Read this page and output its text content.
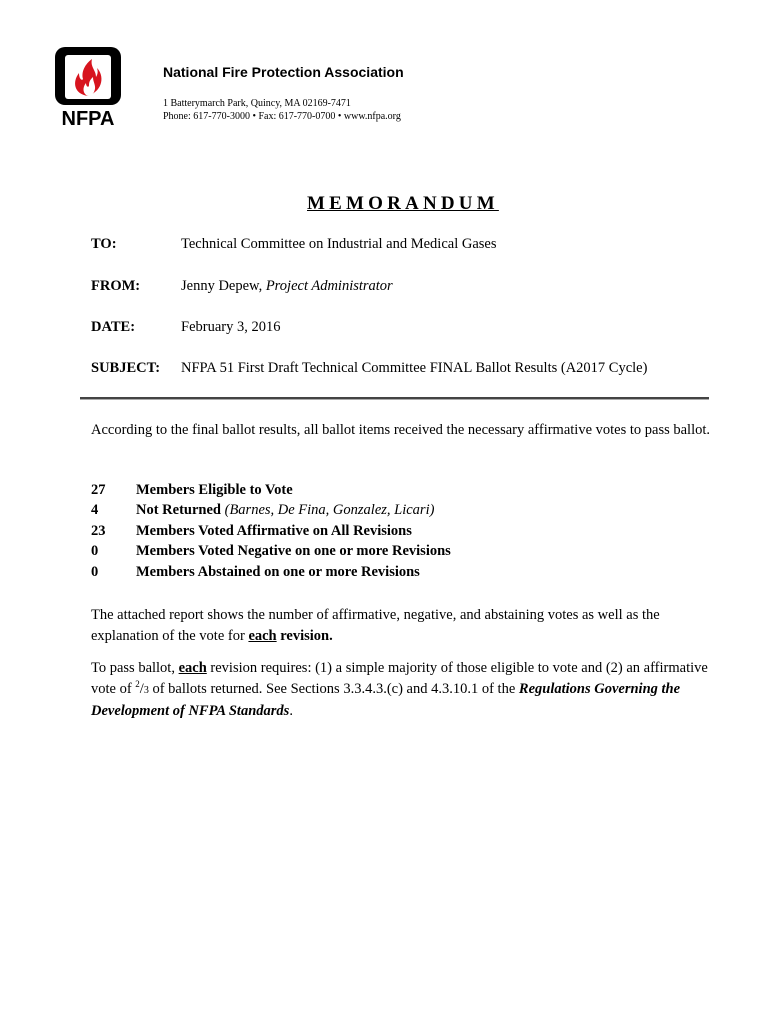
NFPA
National Fire Protection Association
1 Batterymarch Park, Quincy, MA 02169-7471
Phone: 617-770-3000 • Fax: 617-770-0700 • www.nfpa.org
MEMORANDUM
TO:	Technical Committee on Industrial and Medical Gases
FROM:	Jenny Depew, Project Administrator
DATE:	February 3, 2016
SUBJECT: NFPA 51 First Draft Technical Committee FINAL Ballot Results (A2017 Cycle)
According to the final ballot results, all ballot items received the necessary affirmative votes to pass ballot.
27 Members Eligible to Vote
4	Not Returned (Barnes, De Fina, Gonzalez, Licari)
23 Members Voted Affirmative on All Revisions
0	Members Voted Negative on one or more Revisions
0	Members Abstained on one or more Revisions
The attached report shows the number of affirmative, negative, and abstaining votes as well as the explanation of the vote for each revision.
To pass ballot, each revision requires: (1) a simple majority of those eligible to vote and (2) an affirmative vote of $^2$/3 of ballots returned. See Sections 3.3.4.3.(c) and 4.3.10.1 of the Regulations Governing the Development of NFPA Standards.
